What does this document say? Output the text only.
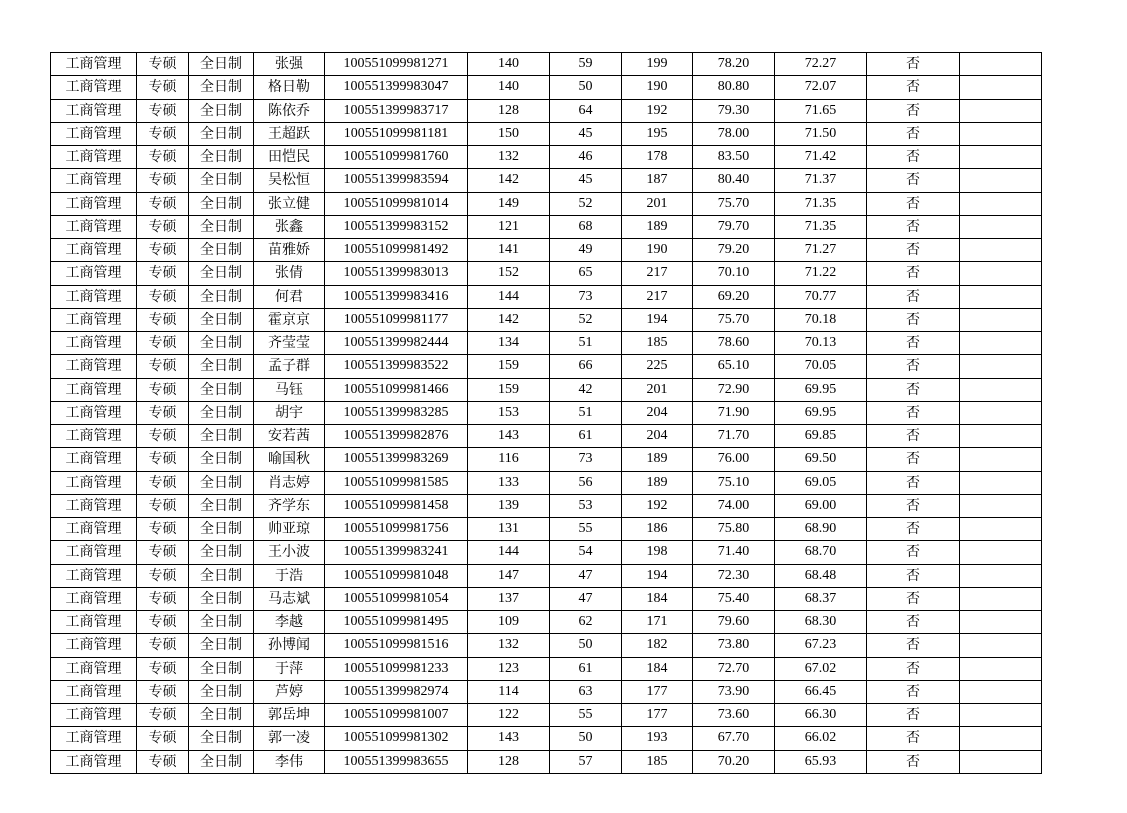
工商管理	专硕	全日制	张强	100551099981271	140	59	199	78.20	72.27	否	
工商管理	专硕	全日制	格日勒	100551399983047	140	50	190	80.80	72.07	否	
工商管理	专硕	全日制	陈依乔	100551399983717	128	64	192	79.30	71.65	否	
工商管理	专硕	全日制	王超跃	100551099981181	150	45	195	78.00	71.50	否	
工商管理	专硕	全日制	田恺民	100551099981760	132	46	178	83.50	71.42	否	
工商管理	专硕	全日制	吴松恒	100551399983594	142	45	187	80.40	71.37	否	
工商管理	专硕	全日制	张立健	100551099981014	149	52	201	75.70	71.35	否	
工商管理	专硕	全日制	张鑫	100551399983152	121	68	189	79.70	71.35	否	
工商管理	专硕	全日制	苗雅娇	100551099981492	141	49	190	79.20	71.27	否	
工商管理	专硕	全日制	张倩	100551399983013	152	65	217	70.10	71.22	否	
工商管理	专硕	全日制	何君	100551399983416	144	73	217	69.20	70.77	否	
工商管理	专硕	全日制	霍京京	100551099981177	142	52	194	75.70	70.18	否	
工商管理	专硕	全日制	齐莹莹	100551399982444	134	51	185	78.60	70.13	否	
工商管理	专硕	全日制	孟子群	100551399983522	159	66	225	65.10	70.05	否	
工商管理	专硕	全日制	马钰	100551099981466	159	42	201	72.90	69.95	否	
工商管理	专硕	全日制	胡宇	100551399983285	153	51	204	71.90	69.95	否	
工商管理	专硕	全日制	安若茜	100551399982876	143	61	204	71.70	69.85	否	
工商管理	专硕	全日制	喻国秋	100551399983269	116	73	189	76.00	69.50	否	
工商管理	专硕	全日制	肖志婷	100551099981585	133	56	189	75.10	69.05	否	
工商管理	专硕	全日制	齐学东	100551099981458	139	53	192	74.00	69.00	否	
工商管理	专硕	全日制	帅亚琼	100551099981756	131	55	186	75.80	68.90	否	
工商管理	专硕	全日制	王小波	100551399983241	144	54	198	71.40	68.70	否	
工商管理	专硕	全日制	于浩	100551099981048	147	47	194	72.30	68.48	否	
工商管理	专硕	全日制	马志斌	100551099981054	137	47	184	75.40	68.37	否	
工商管理	专硕	全日制	李越	100551099981495	109	62	171	79.60	68.30	否	
工商管理	专硕	全日制	孙博闻	100551099981516	132	50	182	73.80	67.23	否	
工商管理	专硕	全日制	于萍	100551099981233	123	61	184	72.70	67.02	否	
工商管理	专硕	全日制	芦婷	100551399982974	114	63	177	73.90	66.45	否	
工商管理	专硕	全日制	郭岳坤	100551099981007	122	55	177	73.60	66.30	否	
工商管理	专硕	全日制	郭一凌	100551099981302	143	50	193	67.70	66.02	否	
工商管理	专硕	全日制	李伟	100551399983655	128	57	185	70.20	65.93	否	
